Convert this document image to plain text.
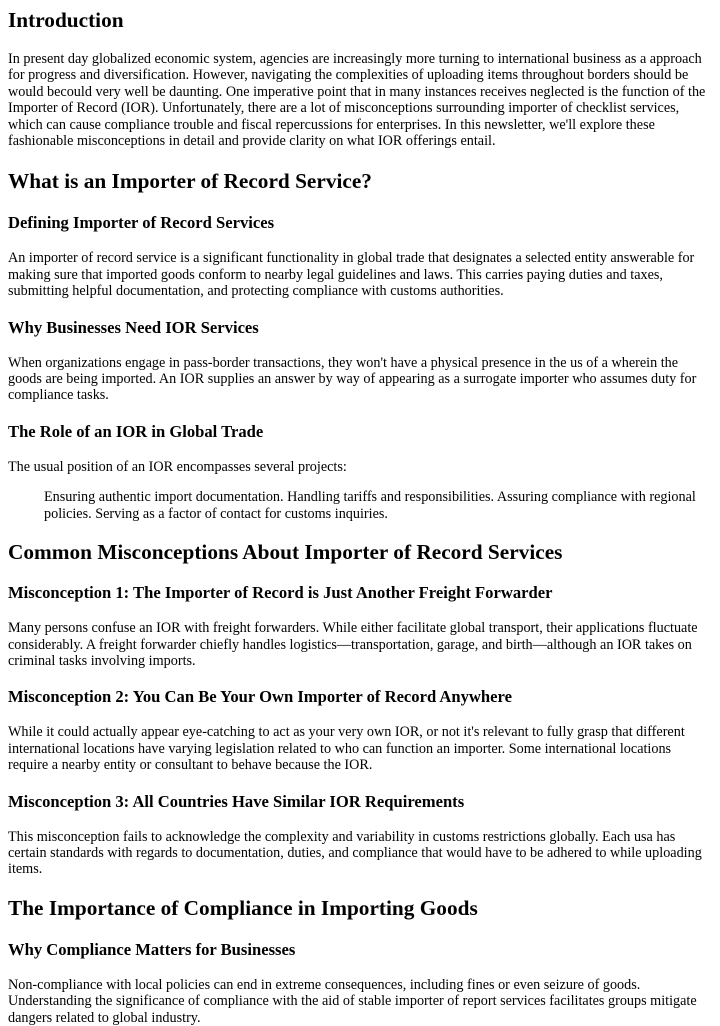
Introduction

In present day globalized economic system, agencies are increasingly more turning to international business as a approach for progress and diversification. However, navigating the complexities of uploading items throughout borders should be would becould very well be daunting. One imperative point that in many instances receives neglected is the function of the Importer of Record (IOR). Unfortunately, there are a lot of misconceptions surrounding importer of checklist services, which can cause compliance trouble and fiscal repercussions for enterprises. In this newsletter, we'll explore these fashionable misconceptions in detail and provide clarity on what IOR offerings entail.

What is an Importer of Record Service?
Defining Importer of Record Services

An importer of record service is a significant functionality in global trade that designates a selected entity answerable for making sure that imported goods conform to nearby legal guidelines and laws. This carries paying duties and taxes, submitting helpful documentation, and protecting compliance with customs authorities.

Why Businesses Need IOR Services

When organizations engage in pass-border transactions, they won't have a physical presence in the us of a wherein the goods are being imported. An IOR supplies an answer by way of appearing as a surrogate importer who assumes duty for compliance tasks.

The Role of an IOR in Global Trade

The usual position of an IOR encompasses several projects:

Ensuring authentic import documentation. Handling tariffs and responsibilities. Assuring compliance with regional policies. Serving as a factor of contact for customs inquiries.
Common Misconceptions About Importer of Record Services
Misconception 1: The Importer of Record is Just Another Freight Forwarder

Many persons confuse an IOR with freight forwarders. While either facilitate global transport, their applications fluctuate considerably. A freight forwarder chiefly handles logistics—transportation, garage, and birth—although an IOR takes on criminal tasks involving imports.

Misconception 2: You Can Be Your Own Importer of Record Anywhere

While it could actually appear eye-catching to act as your very own IOR, or not it's relevant to fully grasp that different international locations have varying legislation related to who can function an importer. Some international locations require a nearby entity or consultant to behave because the IOR.

Misconception 3: All Countries Have Similar IOR Requirements

This misconception fails to acknowledge the complexity and variability in customs restrictions globally. Each usa has certain standards with regards to documentation, duties, and compliance that would have to be adhered to while uploading items.

The Importance of Compliance in Importing Goods
Why Compliance Matters for Businesses

Non-compliance with local policies can end in extreme consequences, including fines or even seizure of goods. Understanding the significance of compliance with the aid of stable importer of report services facilitates groups mitigate dangers related to global industry.
